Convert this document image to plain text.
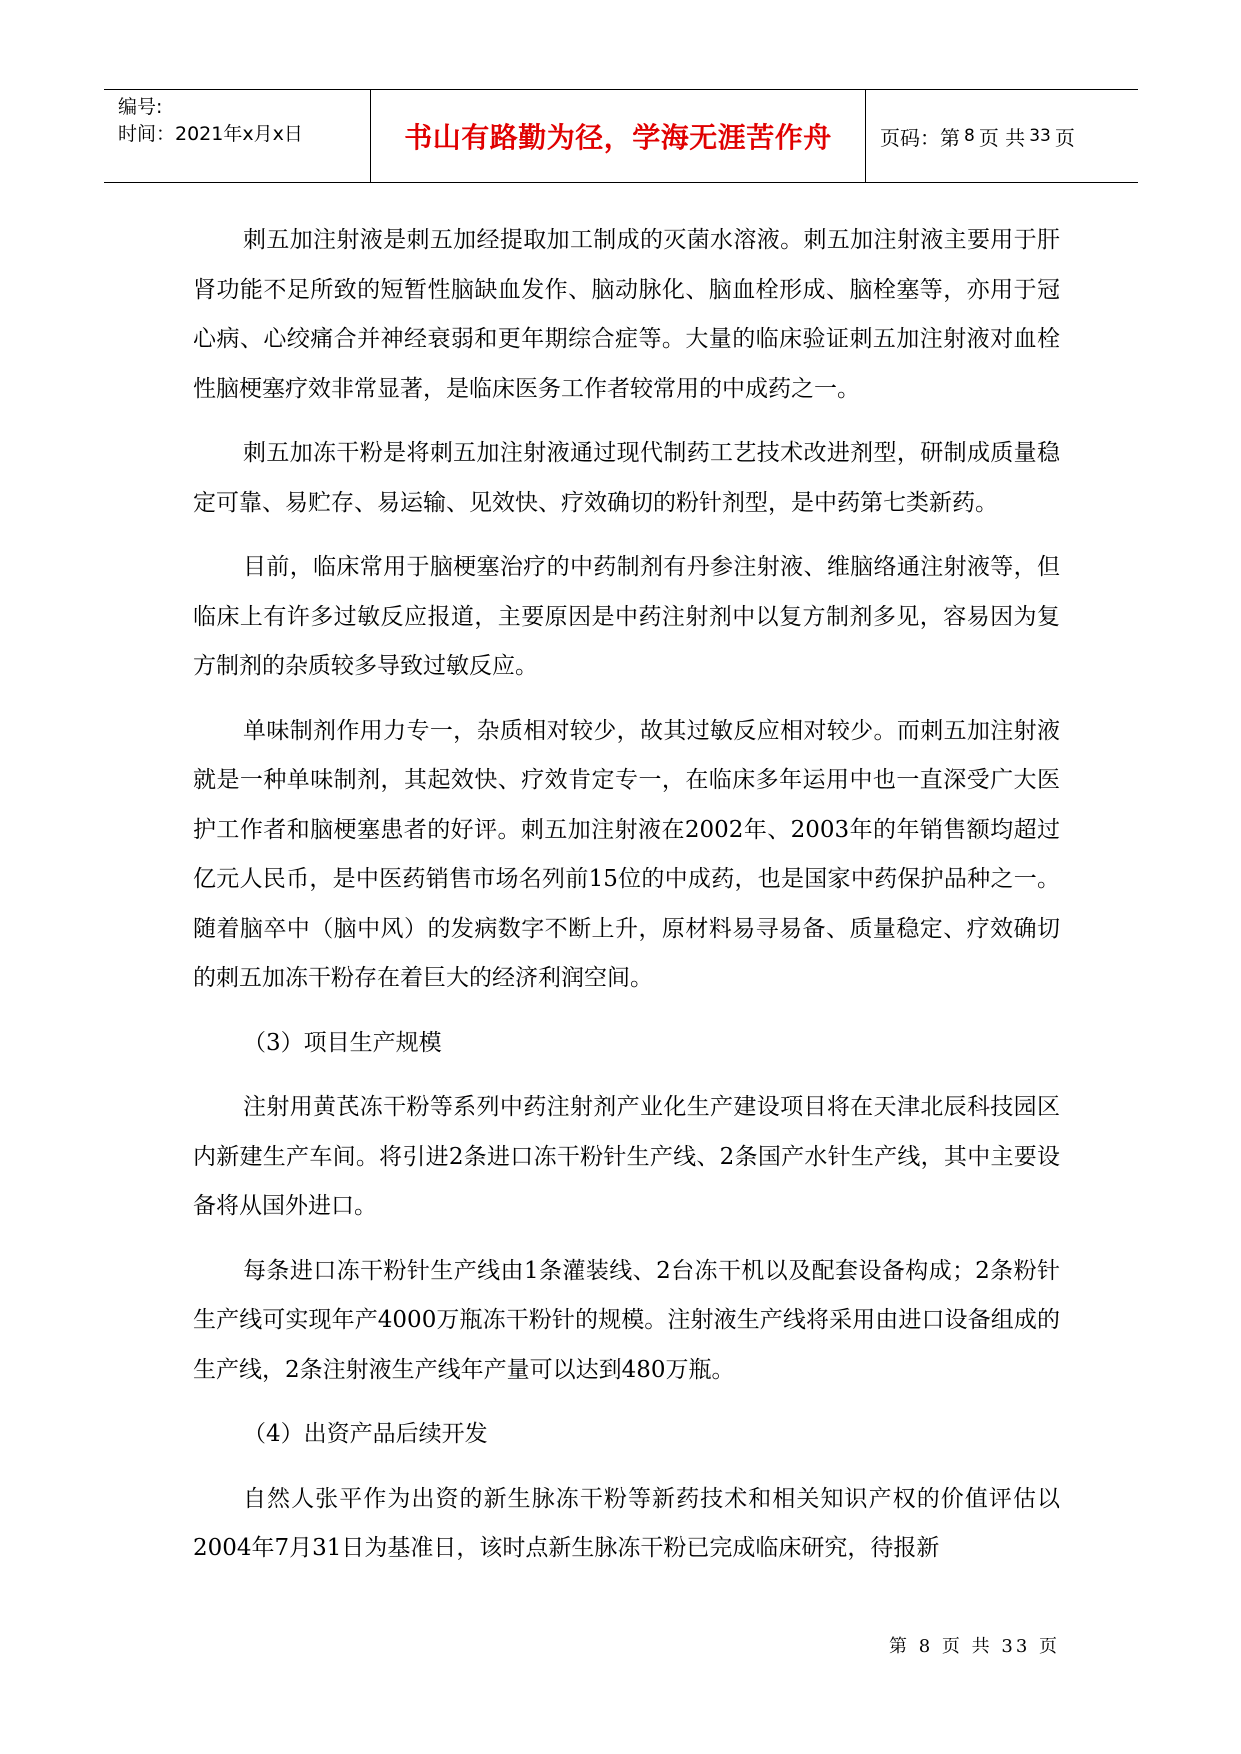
编号:
时间：2021年x月x日	书山有路勤为径，学海无涯苦作舟	页码：第 8 页 共 33 页

刺五加注射液是刺五加经提取加工制成的灭菌水溶液。刺五加注射液主要用于肝肾功能不足所致的短暂性脑缺血发作、脑动脉化、脑血栓形成、脑栓塞等，亦用于冠心病、心绞痛合并神经衰弱和更年期综合症等。大量的临床验证刺五加注射液对血栓性脑梗塞疗效非常显著，是临床医务工作者较常用的中成药之一。

刺五加冻干粉是将刺五加注射液通过现代制药工艺技术改进剂型，研制成质量稳定可靠、易贮存、易运输、见效快、疗效确切的粉针剂型，是中药第七类新药。

目前，临床常用于脑梗塞治疗的中药制剂有丹参注射液、维脑络通注射液等，但临床上有许多过敏反应报道，主要原因是中药注射剂中以复方制剂多见，容易因为复方制剂的杂质较多导致过敏反应。

单味制剂作用力专一，杂质相对较少，故其过敏反应相对较少。而刺五加注射液就是一种单味制剂，其起效快、疗效肯定专一，在临床多年运用中也一直深受广大医护工作者和脑梗塞患者的好评。刺五加注射液在2002年、2003年的年销售额均超过亿元人民币，是中医药销售市场名列前15位的中成药，也是国家中药保护品种之一。随着脑卒中（脑中风）的发病数字不断上升，原材料易寻易备、质量稳定、疗效确切的刺五加冻干粉存在着巨大的经济利润空间。

（3）项目生产规模

注射用黄芪冻干粉等系列中药注射剂产业化生产建设项目将在天津北辰科技园区内新建生产车间。将引进2条进口冻干粉针生产线、2条国产水针生产线，其中主要设备将从国外进口。

每条进口冻干粉针生产线由1条灌装线、2台冻干机以及配套设备构成；2条粉针生产线可实现年产4000万瓶冻干粉针的规模。注射液生产线将采用由进口设备组成的生产线，2条注射液生产线年产量可以达到480万瓶。

（4）出资产品后续开发

自然人张平作为出资的新生脉冻干粉等新药技术和相关知识产权的价值评估以2004年7月31日为基准日，该时点新生脉冻干粉已完成临床研究，待报新

第 8 页 共 33 页
